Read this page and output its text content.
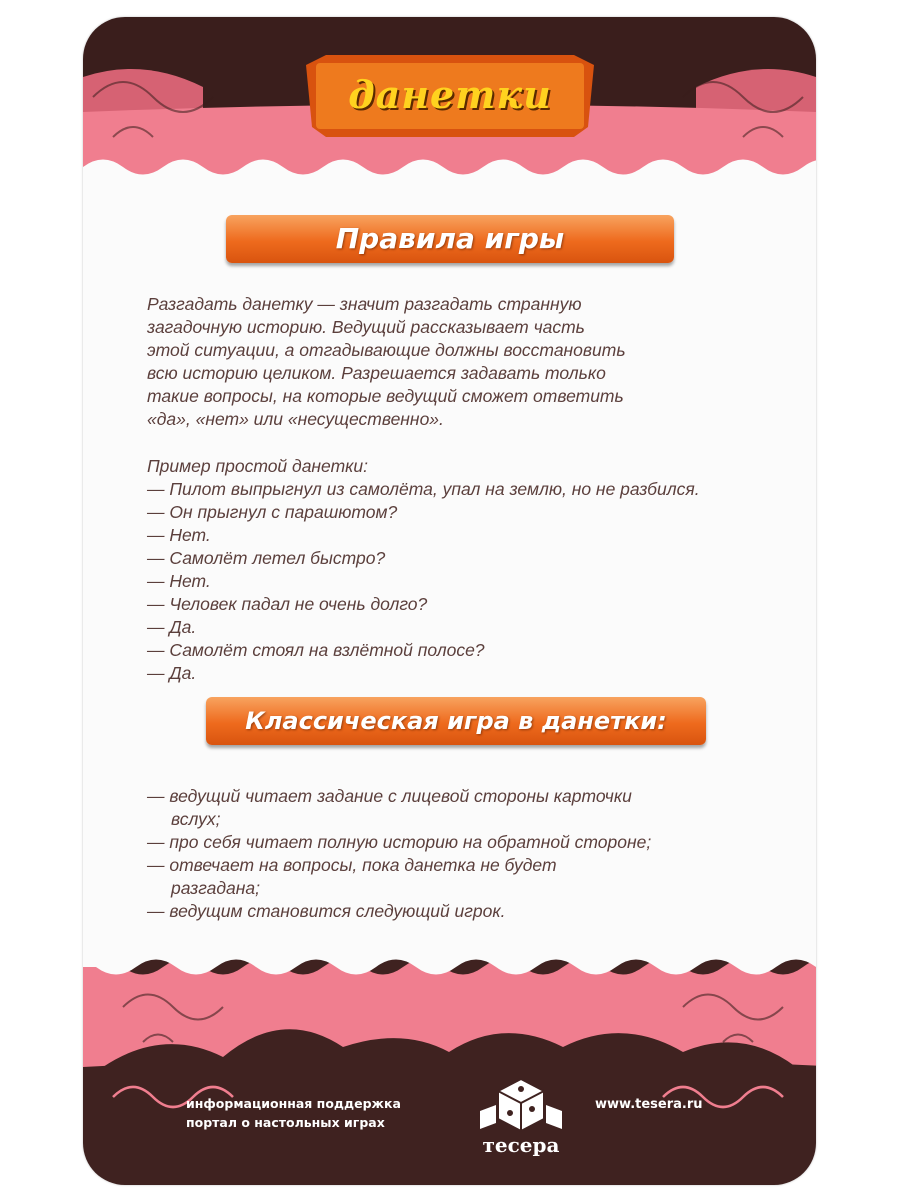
данетки
Правила игры
Разгадать данетку — значит разгадать странную
загадочную историю. Ведущий рассказывает часть
этой ситуации, а отгадывающие должны восстановить
всю историю целиком. Разрешается задавать только
такие вопросы, на которые ведущий сможет ответить
«да», «нет» или «несущественно».
Пример простой данетки:
— Пилот выпрыгнул из самолёта, упал на землю, но не разбился.
— Он прыгнул с парашютом?
— Нет.
— Самолёт летел быстро?
— Нет.
— Человек падал не очень долго?
— Да.
— Самолёт стоял на взлётной полосе?
— Да.
Классическая игра в данетки:
— ведущий читает задание с лицевой стороны карточки
вслух;
— про себя читает полную историю на обратной стороне;
— отвечает на вопросы, пока данетка не будет
разгадана;
— ведущим становится следующий игрок.
тесера
информационная поддержка
портал о настольных играх
www.tesera.ru
